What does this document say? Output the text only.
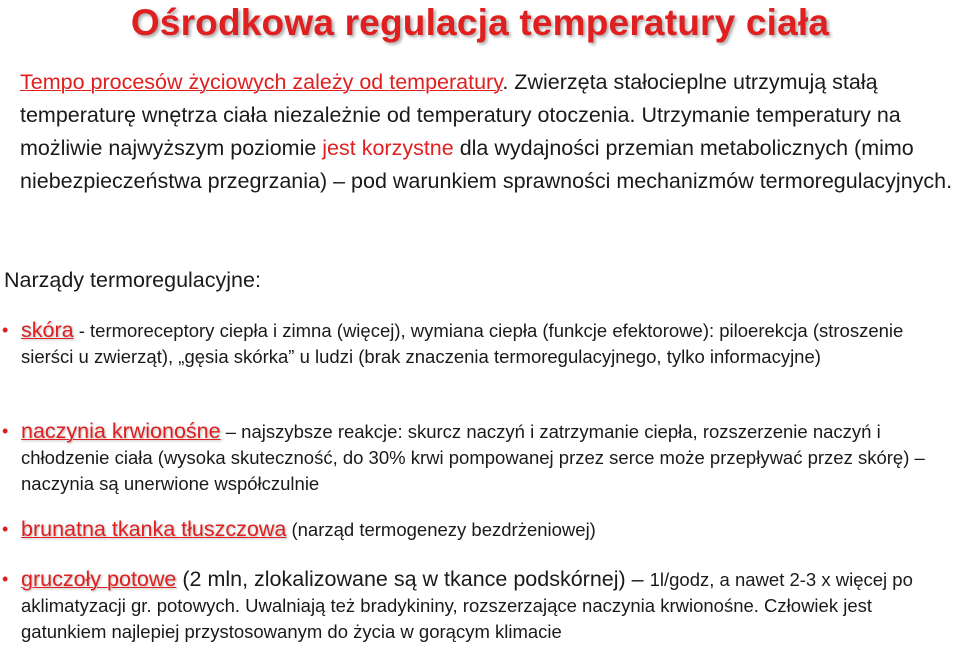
Ośrodkowa regulacja temperatury ciała
Tempo procesów życiowych zależy od temperatury. Zwierzęta stałocieplne utrzymują stałą temperaturę wnętrza ciała niezależnie od temperatury otoczenia. Utrzymanie temperatury na możliwie najwyższym poziomie jest korzystne dla wydajności przemian metabolicznych (mimo niebezpieczeństwa przegrzania) – pod warunkiem sprawności mechanizmów termoregulacyjnych.
Narządy termoregulacyjne:
• skóra - termoreceptory ciepła i zimna (więcej), wymiana ciepła (funkcje efektorowe): piloerekcja (stroszenie sierści u zwierząt), „gęsia skórka” u ludzi (brak znaczenia termoregulacyjnego, tylko informacyjne)
• naczynia krwionośne – najszybsze reakcje: skurcz naczyń i zatrzymanie ciepła, rozszerzenie naczyń i chłodzenie ciała (wysoka skuteczność, do 30% krwi pompowanej przez serce może przepływać przez skórę) – naczynia są unerwione współczulnie
• brunatna tkanka tłuszczowa (narząd termogenezy bezdrżeniowej)
• gruczoły potowe (2 mln, zlokalizowane są w tkance podskórnej) – 1l/godz, a nawet 2-3 x więcej po aklimatyzacji gr. potowych. Uwalniają też bradykininy, rozszerzające naczynia krwionośne. Człowiek jest gatunkiem najlepiej przystosowanym do życia w gorącym klimacie
